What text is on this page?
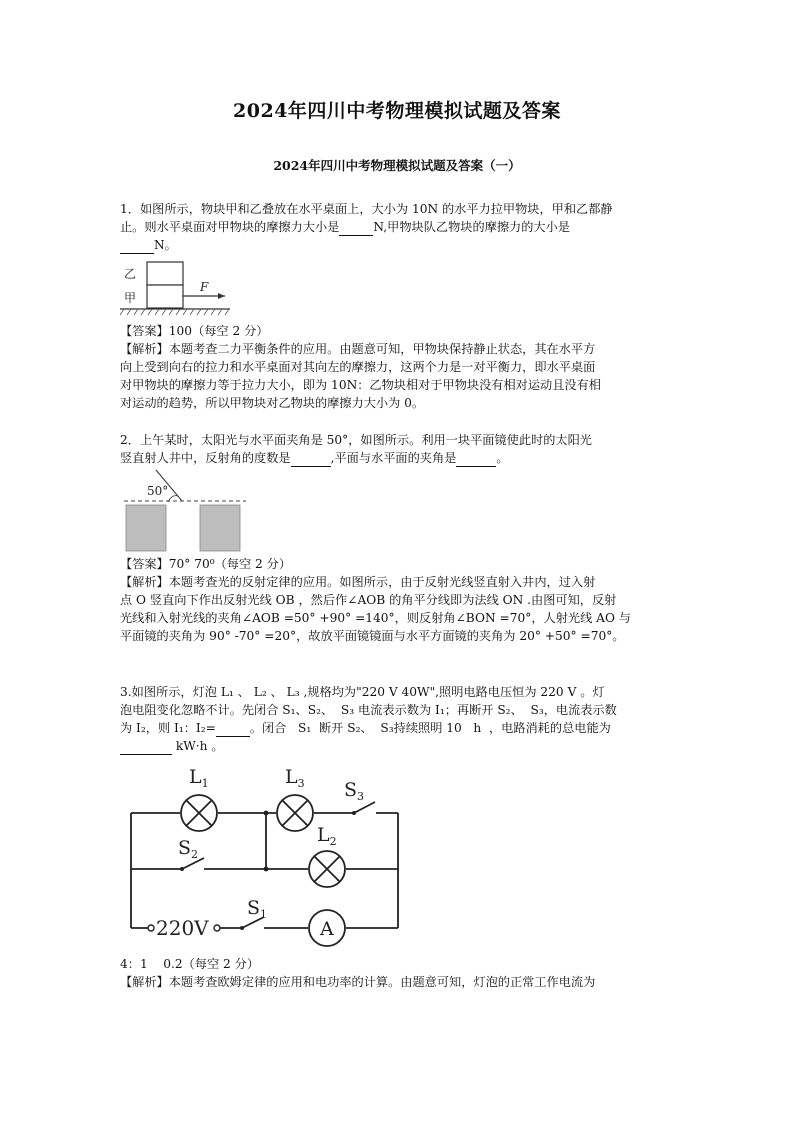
2024年四川中考物理模拟试题及答案
2024年四川中考物理模拟试题及答案（一）
1．如图所示，物块甲和乙叠放在水平桌面上，大小为 10N 的水平力拉甲物块，甲和乙都静
止。则水平桌面对甲物块的摩擦力大小是	N,甲物块队乙物块的摩擦力的大小是
N。
乙
甲
F
【答案】100（每空 2 分）
【解析】本题考查二力平衡条件的应用。由题意可知，甲物块保持静止状态，其在水平方
向上受到向右的拉力和水平桌面对其向左的摩擦力，这两个力是一对平衡力，即水平桌面
对甲物块的摩擦力等于拉力大小，即为 10N：乙物块相对于甲物块没有相对运动且没有相
对运动的趋势，所以甲物块对乙物块的摩擦力大小为 0。
2．上午某时，太阳光与水平面夹角是 50°，如图所示。利用一块平面镜使此时的太阳光
竖直射人井中，反射角的度数是	,平面与水平面的夹角是	。
50°
【答案】70° 70⁰（每空 2 分）
【解析】本题考查光的反射定律的应用。如图所示，由于反射光线竖直射入井内，过入射
点 O 竖直向下作出反射光线 OB ，然后作∠AOB 的角平分线即为法线 ON .由图可知，反射
光线和入射光线的夹角∠AOB =50° +90° =140°，则反射角∠BON =70°，人射光线 AO 与
平面镜的夹角为 90° -70° =20°，故放平面镜镜面与水平方面镜的夹角为 20° +50° =70°。
3.如图所示，灯泡 L₁ 、 L₂ 、 L₃ ,规格均为"220 V 40W",照明电路电压恒为 220 V 。灯
泡电阻变化忽略不计。先闭合 S₁、S₂、  S₃ 电流表示数为 I₁；再断开 S₂、  S₃，电流表示数
为 I₂，则 I₁：I₂=	。闭合   S₁  断开 S₂、  S₃持续照明 10   h  ，电路消耗的总电能为
kW·h 。
A
$L_1$	$L_3$
$L_2$
$S_3$
$S_2$
$S_1$
220V
4：1    0.2（每空 2 分）
【解析】本题考查欧姆定律的应用和电功率的计算。由题意可知，灯泡的正常工作电流为
